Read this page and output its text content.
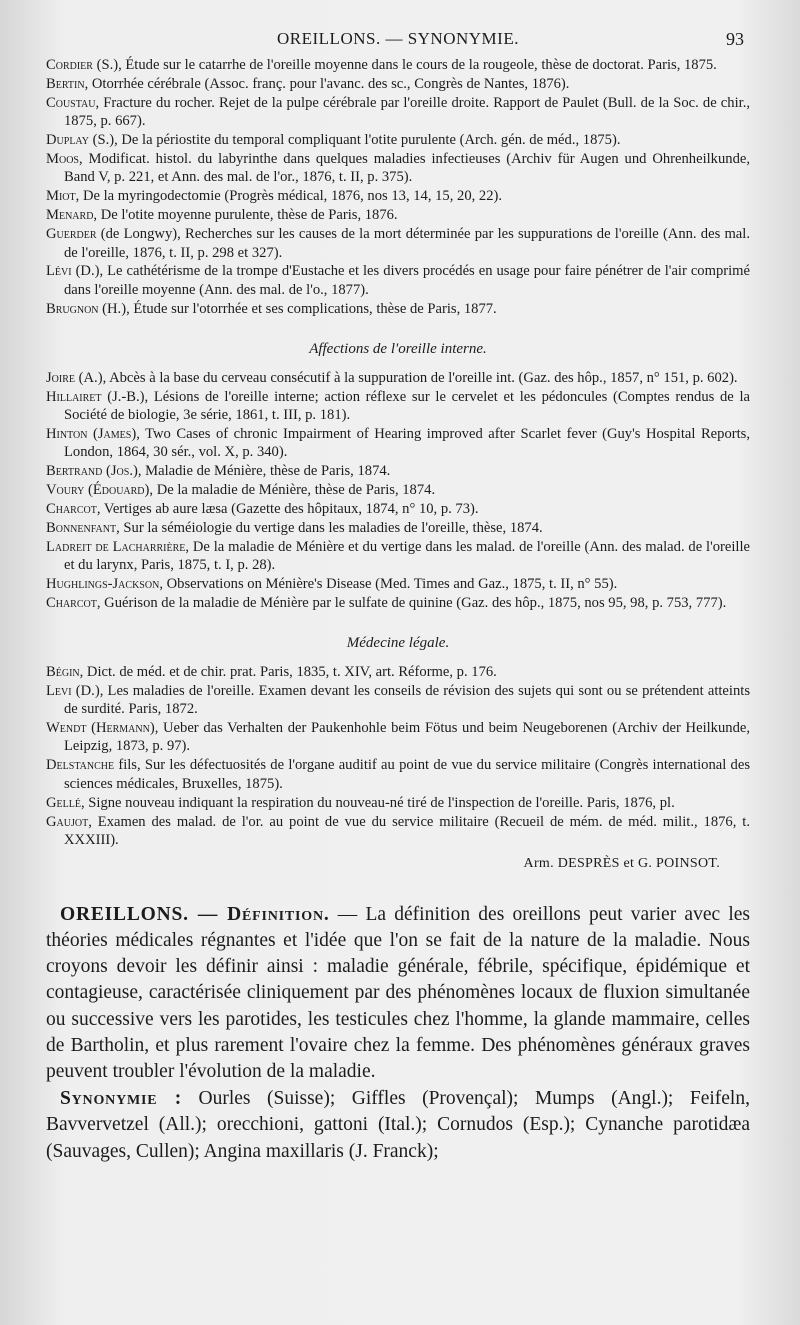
OREILLONS. — SYNONYMIE.	93
Cordier (S.), Étude sur le catarrhe de l'oreille moyenne dans le cours de la rougeole, thèse de doctorat. Paris, 1875.
Bertin, Otorrhée cérébrale (Assoc. franç. pour l'avanc. des sc., Congrès de Nantes, 1876).
Coustau, Fracture du rocher. Rejet de la pulpe cérébrale par l'oreille droite. Rapport de Paulet (Bull. de la Soc. de chir., 1875, p. 667).
Duplay (S.), De la périostite du temporal compliquant l'otite purulente (Arch. gén. de méd., 1875).
Moos, Modificat. histol. du labyrinthe dans quelques maladies infectieuses (Archiv für Augen und Ohrenheilkunde, Band V, p. 221, et Ann. des mal. de l'or., 1876, t. II, p. 375).
Miot, De la myringodectomie (Progrès médical, 1876, nos 13, 14, 15, 20, 22).
Menard, De l'otite moyenne purulente, thèse de Paris, 1876.
Guerder (de Longwy), Recherches sur les causes de la mort déterminée par les suppurations de l'oreille (Ann. des mal. de l'oreille, 1876, t. II, p. 298 et 327).
Lévi (D.), Le cathétérisme de la trompe d'Eustache et les divers procédés en usage pour faire pénétrer de l'air comprimé dans l'oreille moyenne (Ann. des mal. de l'o., 1877).
Brugnon (H.), Étude sur l'otorrhée et ses complications, thèse de Paris, 1877.
Affections de l'oreille interne.
Joire (A.), Abcès à la base du cerveau consécutif à la suppuration de l'oreille int. (Gaz. des hôp., 1857, n° 151, p. 602).
Hillairet (J.-B.), Lésions de l'oreille interne; action réflexe sur le cervelet et les pédoncules (Comptes rendus de la Société de biologie, 3e série, 1861, t. III, p. 181).
Hinton (James), Two Cases of chronic Impairment of Hearing improved after Scarlet fever (Guy's Hospital Reports, London, 1864, 30 sér., vol. X, p. 340).
Bertrand (Jos.), Maladie de Ménière, thèse de Paris, 1874.
Voury (Édouard), De la maladie de Ménière, thèse de Paris, 1874.
Charcot, Vertiges ab aure læsa (Gazette des hôpitaux, 1874, n° 10, p. 73).
Bonnenfant, Sur la séméiologie du vertige dans les maladies de l'oreille, thèse, 1874.
Ladreit de Lacharrière, De la maladie de Ménière et du vertige dans les malad. de l'oreille (Ann. des malad. de l'oreille et du larynx, Paris, 1875, t. I, p. 28).
Hughlings-Jackson, Observations on Ménière's Disease (Med. Times and Gaz., 1875, t. II, n° 55).
Charcot, Guérison de la maladie de Ménière par le sulfate de quinine (Gaz. des hôp., 1875, nos 95, 98, p. 753, 777).
Médecine légale.
Bégin, Dict. de méd. et de chir. prat. Paris, 1835, t. XIV, art. Réforme, p. 176.
Levi (D.), Les maladies de l'oreille. Examen devant les conseils de révision des sujets qui sont ou se prétendent atteints de surdité. Paris, 1872.
Wendt (Hermann), Ueber das Verhalten der Paukenhohle beim Fötus und beim Neugeborenen (Archiv der Heilkunde, Leipzig, 1873, p. 97).
Delstanche fils, Sur les défectuosités de l'organe auditif au point de vue du service militaire (Congrès international des sciences médicales, Bruxelles, 1875).
Gellé, Signe nouveau indiquant la respiration du nouveau-né tiré de l'inspection de l'oreille. Paris, 1876, pl.
Gaujot, Examen des malad. de l'or. au point de vue du service militaire (Recueil de mém. de méd. milit., 1876, t. XXXIII).
Arm. DESPRÈS et G. POINSOT.

OREILLONS. — Définition. — La définition des oreillons peut varier avec les théories médicales régnantes et l'idée que l'on se fait de la nature de la maladie. Nous croyons devoir les définir ainsi : maladie générale, fébrile, spécifique, épidémique et contagieuse, caractérisée cliniquement par des phénomènes locaux de fluxion simultanée ou successive vers les parotides, les testicules chez l'homme, la glande mammaire, celles de Bartholin, et plus rarement l'ovaire chez la femme. Des phénomènes généraux graves peuvent troubler l'évolution de la maladie.

Synonymie : Ourles (Suisse); Giffles (Provençal); Mumps (Angl.); Feifeln, Bavvervetzel (All.); orecchioni, gattoni (Ital.); Cornudos (Esp.); Cynanche parotidæa (Sauvages, Cullen); Angina maxillaris (J. Franck);
